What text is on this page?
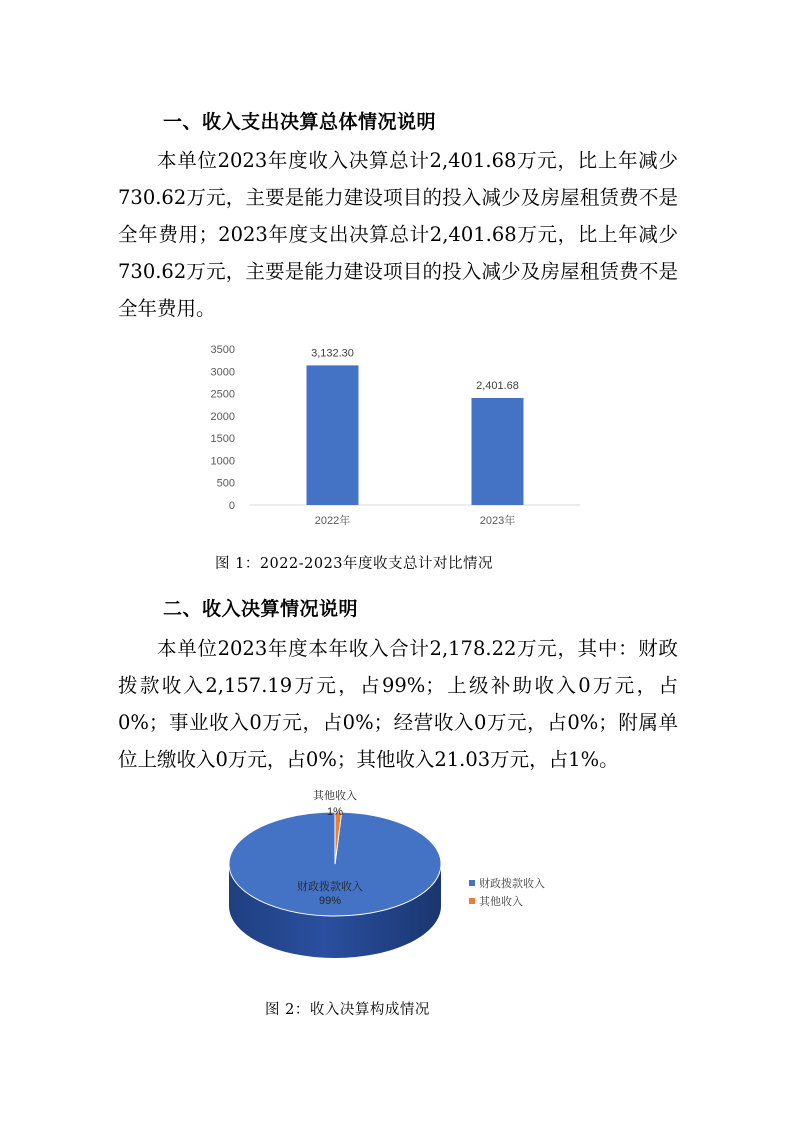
一、收入支出决算总体情况说明

本单位2023年度收入决算总计2,401.68万元，比上年减少730.62万元，主要是能力建设项目的投入减少及房屋租赁费不是全年费用；2023年度支出决算总计2,401.68万元，比上年减少730.62万元，主要是能力建设项目的投入减少及房屋租赁费不是全年费用。

0
500
1000
1500
2000
2500
3000
3500	3,132.30
2022年
2,401.68
2023年
图 1：2022-2023年度收支总计对比情况
二、收入决算情况说明

本单位2023年度本年收入合计2,178.22万元，其中：财政拨款收入2,157.19万元，占99%；上级补助收入0万元，占0%；事业收入0万元，占0%；经营收入0万元，占0%；附属单位上缴收入0万元，占0%；其他收入21.03万元，占1%。

财政拨款收入
99%
其他收入
1%
财政拨款收入
其他收入
图 2：收入决算构成情况
